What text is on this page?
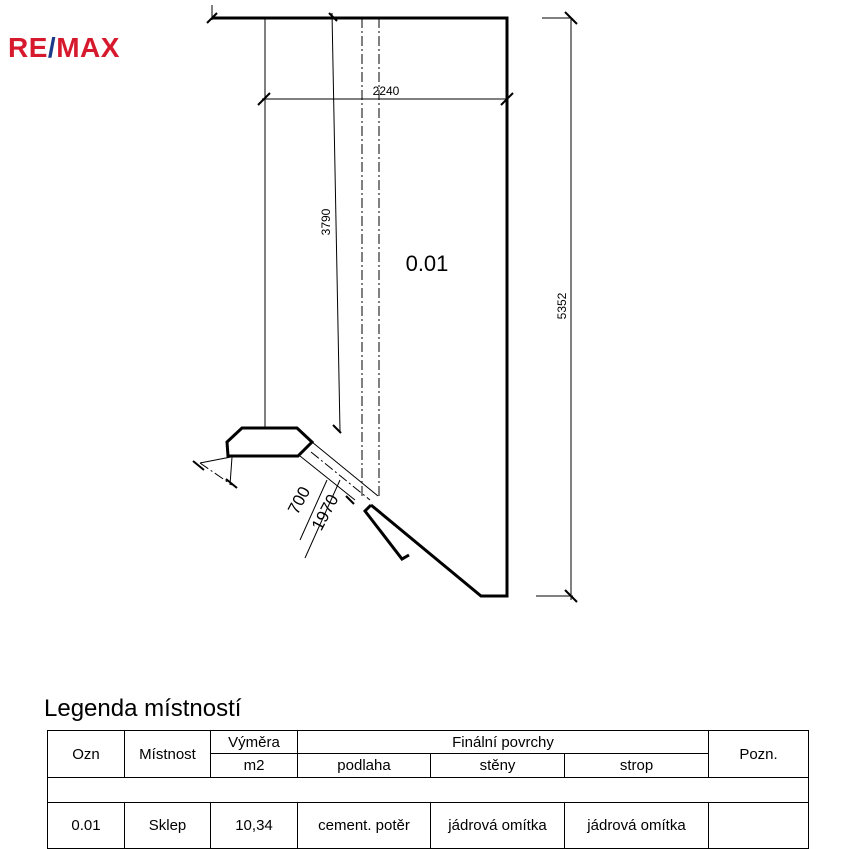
RE/MAX
2240
3790
5352
700
1970
0.01
Legenda místností
Ozn	Místnost	Výměra	Finální povrchy			Pozn.
		m2	podlaha	stěny	strop	

0.01	Sklep	10,34	cement. potěr	jádrová omítka	jádrová omítka	
